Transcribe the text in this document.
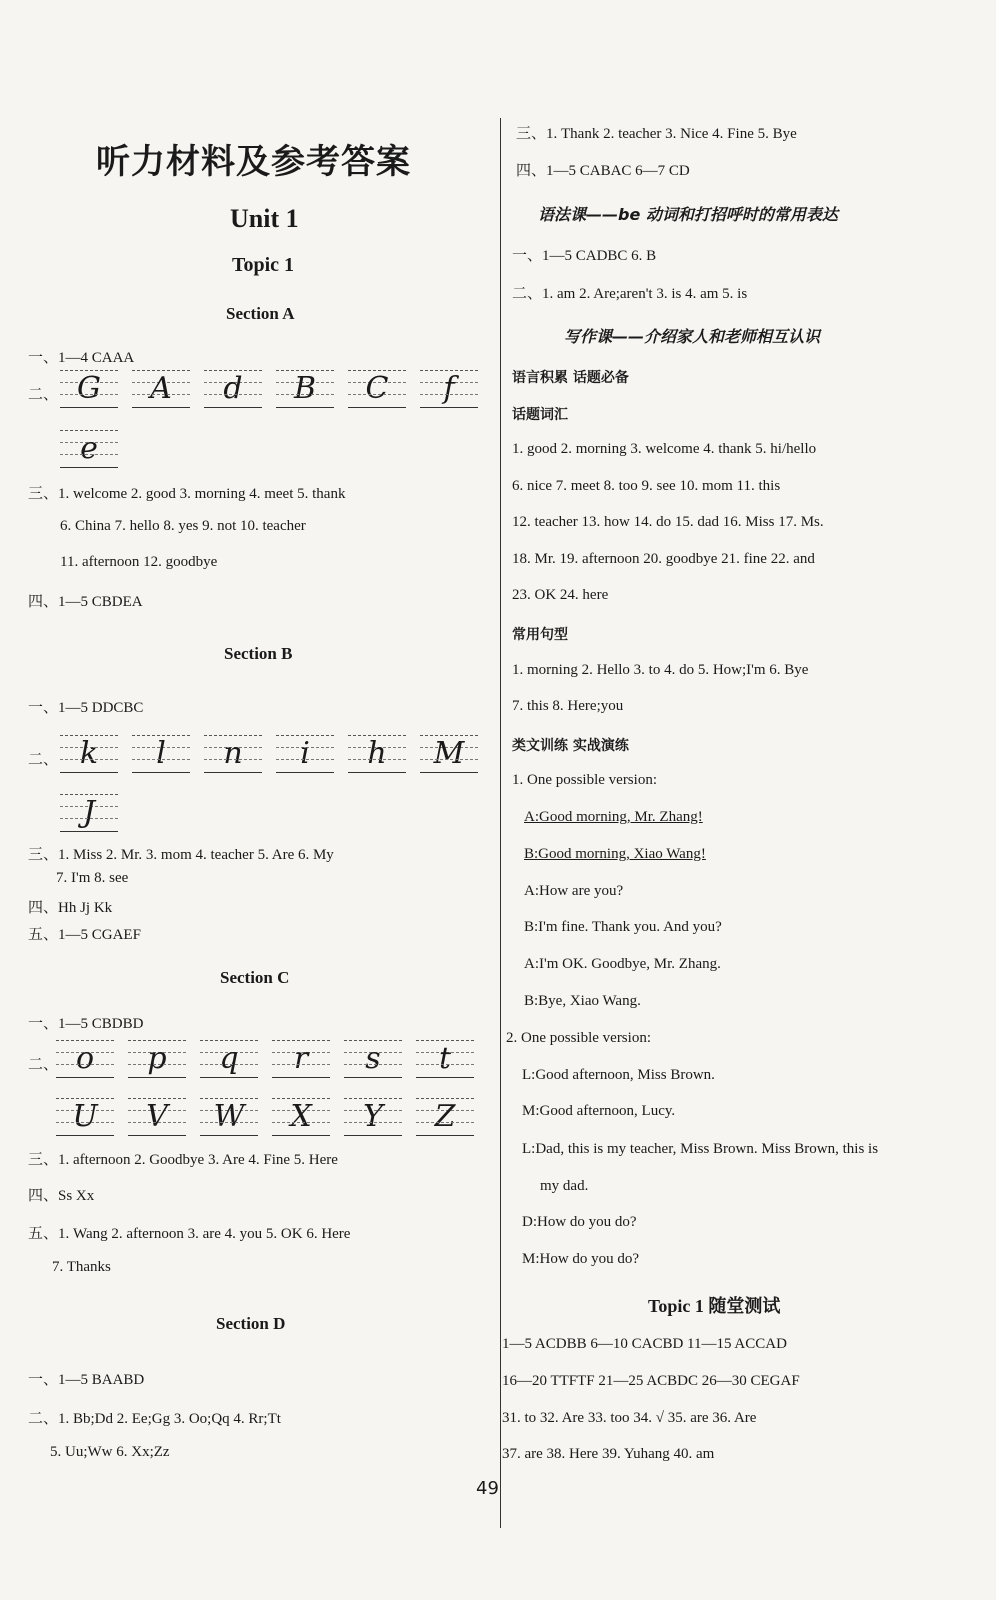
听力材料及参考答案
Unit 1
Topic 1
Section A
一、1—4 CAAA
二、 G	A	d	B	C	f
e
三、1. welcome 2. good 3. morning 4. meet 5. thank
6. China 7. hello 8. yes 9. not 10. teacher
11. afternoon 12. goodbye
四、1—5 CBDEA
Section B
一、1—5 DDCBC
二、 k	l	n	i	h	M
J
三、1. Miss 2. Mr. 3. mom 4. teacher 5. Are 6. My
7. I'm 8. see
四、Hh Jj Kk
五、1—5 CGAEF
Section C
一、1—5 CBDBD
二、 o	p	q	r	s	t
U	V	W	X	Y	Z
三、1. afternoon 2. Goodbye 3. Are 4. Fine 5. Here
四、Ss Xx
五、1. Wang 2. afternoon 3. are 4. you 5. OK 6. Here
7. Thanks
Section D
一、1—5 BAABD
二、1. Bb;Dd 2. Ee;Gg 3. Oo;Qq 4. Rr;Tt
5. Uu;Ww 6. Xx;Zz
三、1. Thank 2. teacher 3. Nice 4. Fine 5. Bye
四、1—5 CABAC 6—7 CD
语法课——be 动词和打招呼时的常用表达
一、1—5 CADBC 6. B
二、1. am 2. Are;aren't 3. is 4. am 5. is
写作课——介绍家人和老师相互认识
语言积累 话题必备
话题词汇
1. good 2. morning 3. welcome 4. thank 5. hi/hello
6. nice 7. meet 8. too 9. see 10. mom 11. this
12. teacher 13. how 14. do 15. dad 16. Miss 17. Ms.
18. Mr. 19. afternoon 20. goodbye 21. fine 22. and
23. OK 24. here
常用句型
1. morning 2. Hello 3. to 4. do 5. How;I'm 6. Bye
7. this 8. Here;you
类文训练 实战演练
1. One possible version:
A:Good morning, Mr. Zhang!
B:Good morning, Xiao Wang!
A:How are you?
B:I'm fine. Thank you. And you?
A:I'm OK. Goodbye, Mr. Zhang.
B:Bye, Xiao Wang.
2. One possible version:
L:Good afternoon, Miss Brown.
M:Good afternoon, Lucy.
L:Dad, this is my teacher, Miss Brown. Miss Brown, this is
my dad.
D:How do you do?
M:How do you do?
Topic 1 随堂测试
1—5 ACDBB 6—10 CACBD 11—15 ACCAD
16—20 TTFTF 21—25 ACBDC 26—30 CEGAF
31. to 32. Are 33. too 34. √ 35. are 36. Are
37. are 38. Here 39. Yuhang 40. am
49
